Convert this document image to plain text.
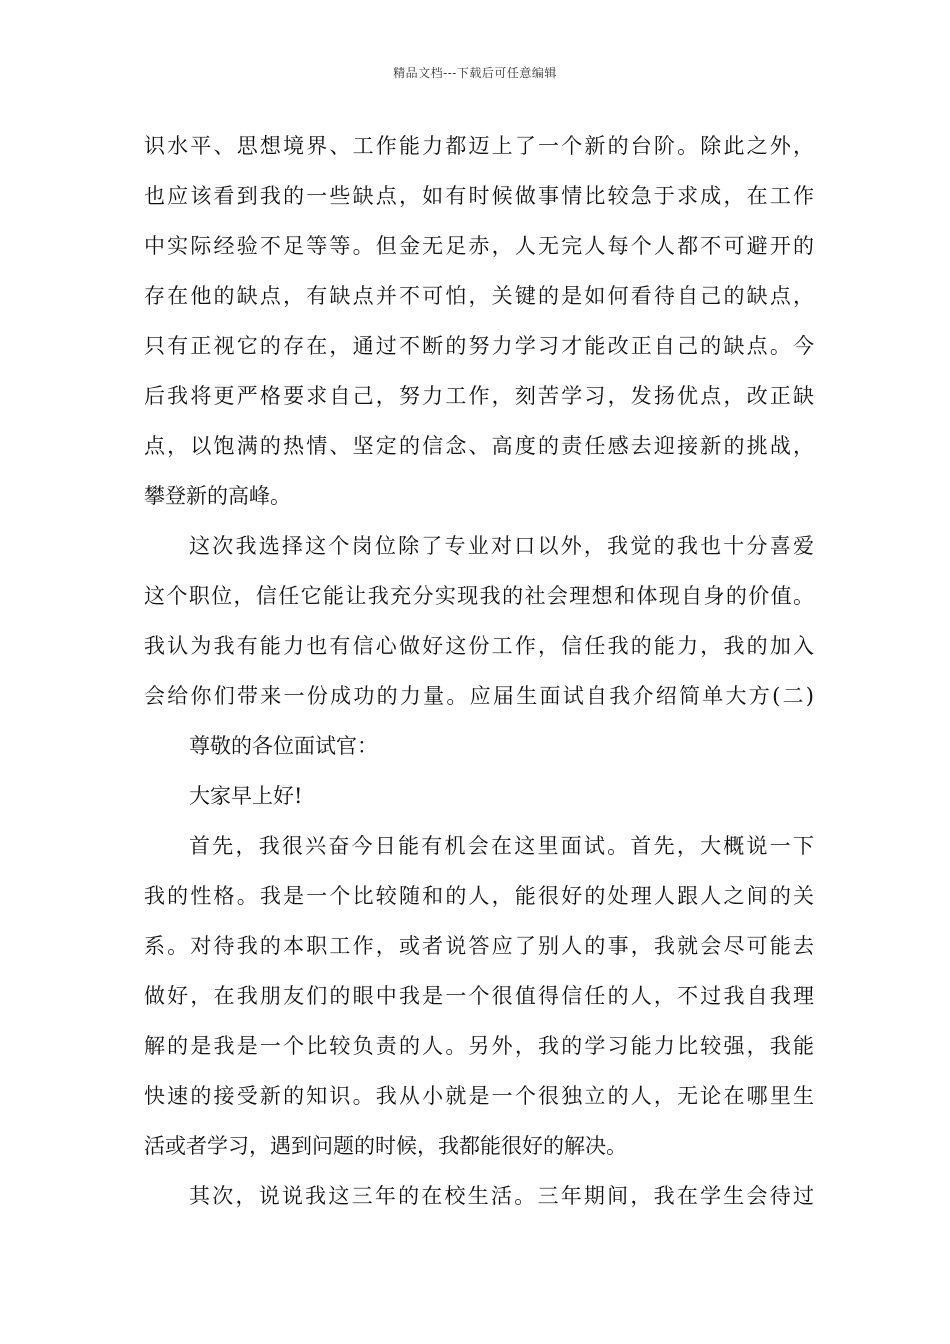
精品文档---下载后可任意编辑
识水平、思想境界、工作能力都迈上了一个新的台阶。除此之外，
也应该看到我的一些缺点，如有时候做事情比较急于求成，在工作
中实际经验不足等等。但金无足赤，人无完人每个人都不可避开的
存在他的缺点，有缺点并不可怕，关键的是如何看待自己的缺点，
只有正视它的存在，通过不断的努力学习才能改正自己的缺点。今
后我将更严格要求自己，努力工作，刻苦学习，发扬优点，改正缺
点，以饱满的热情、坚定的信念、高度的责任感去迎接新的挑战，
攀登新的高峰。
这次我选择这个岗位除了专业对口以外，我觉的我也十分喜爱
这个职位，信任它能让我充分实现我的社会理想和体现自身的价值。
我认为我有能力也有信心做好这份工作，信任我的能力，我的加入
会给你们带来一份成功的力量。应届生面试自我介绍简单大方(二)
尊敬的各位面试官：
大家早上好!
首先，我很兴奋今日能有机会在这里面试。首先，大概说一下
我的性格。我是一个比较随和的人，能很好的处理人跟人之间的关
系。对待我的本职工作，或者说答应了别人的事，我就会尽可能去
做好，在我朋友们的眼中我是一个很值得信任的人，不过我自我理
解的是我是一个比较负责的人。另外，我的学习能力比较强，我能
快速的接受新的知识。我从小就是一个很独立的人，无论在哪里生
活或者学习，遇到问题的时候，我都能很好的解决。
其次，说说我这三年的在校生活。三年期间，我在学生会待过
